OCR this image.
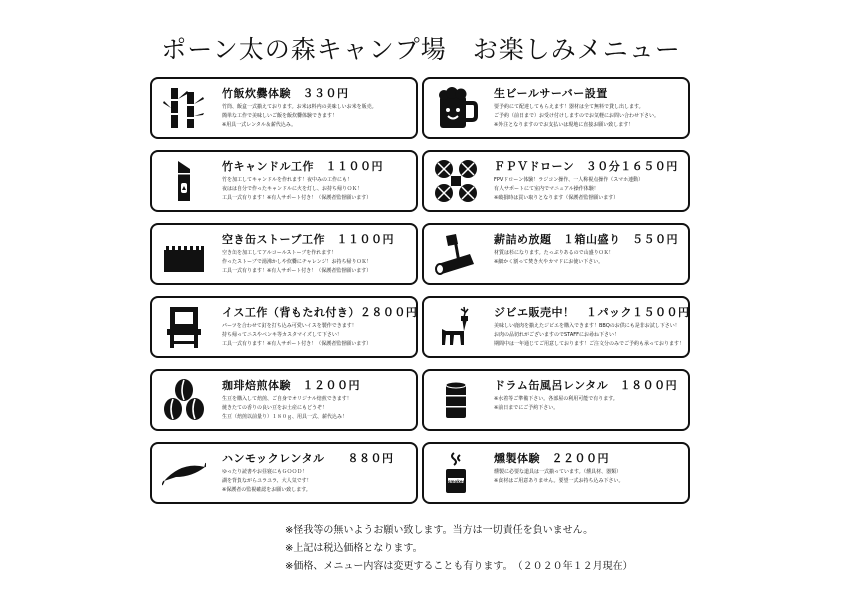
ポーン太の森キャンプ場　お楽しみメニュー
竹飯炊爨体験　３３０円
竹筒、飯盒一式揃えております。お米は料内の美味しいお米を販売。
簡単な工作で美味しいご飯を飯炊爨体験できます！
※用具一式レンタル＆薪代込み。
竹キャンドル工作　１１００円
竹を加工してキャンドルを作れます！夜中みの工作にも！
夜はは自分で作ったキャンドルに火を灯し、お持ち帰りＯＫ！
工具一式有ります！※有人サポート付き！（保護者監督願います）
空き缶ストーブ工作　１１００円
空き缶を加工してアルコールストーブを作れます！
作ったストーブで湯沸かしや炊爨にチャレンジ！お持ち帰りＯＫ！
工具一式有ります！※有人サポート付き！（保護者監督願います）
イス工作（背もたれ付き）２８００円
パーツを合わせて釘を打ち込み可愛いイスを製作できます！
持ち帰ってニスやペンキ等カスタマイズして下さい！
工具一式有ります！※有人サポート付き！（保護者監督願います）
珈琲焙煎体験　１２００円
生豆を購入して焙煎、ご自身でオリジナル焙煎できます！
焼きたての香りの良い豆をお土産にもどうぞ！
生豆（焙煎以前量り）１８０ｇ、用具一式、薪代込み！
ハンモックレンタル　　８８０円
ゆったり読書やお昼寝にもＧＯＯＤ！
湖を背負ながらユラユラ、大人気です！
※保護者の監視確認をお願い致します。
生ビールサーバー設置
要予約にて配達してもらえます！器材は全て無料で貸し出します。
ご予約（前日まで）お受け付けしますのでお気軽にお問い合わせ下さい。
※外注となりますのでお支払いは現地に直接お願い致します！
ＦＰＶドローン　３０分１６５０円
FPVドローン体験！ラジコン操作、一人称視点操作（スマホ連動）
有人サポートにて室内でマニュアル操作体験！
※破損時は買い取りとなります（保護者監督願います）
薪詰め放題　１箱山盛り　５５０円
材質は杉になります。たっぷりあるので山盛りＯＫ！
※細かく割って焚き火やカマドにお使い下さい。
ジビエ販売中！　１パック１５００円
美味しい鹿肉を揃えたジビエを購入できます！BBQのお供にも是非お試し下さい！
お肉の品切れがございますのでSTAFFにお尋ね下さい！
期間中は一年通じてご用意しております！ご注文分のみでご予約も承っております！
ドラム缶風呂レンタル　１８００円
※水着等ご準備下さい。各部屋の利用可能で有ります。
※前日までにご予約下さい。
smoked
燻製体験　２２００円
燻製に必要な道具は一式揃っています。（燻具材、器類）
※食材はご用意ありません。要望一式お持ち込み下さい。
※怪我等の無いようお願い致します。当方は一切責任を負いません。
※上記は税込価格となります。
※価格、メニュー内容は変更することも有ります。　（２０２０年１２月現在）
